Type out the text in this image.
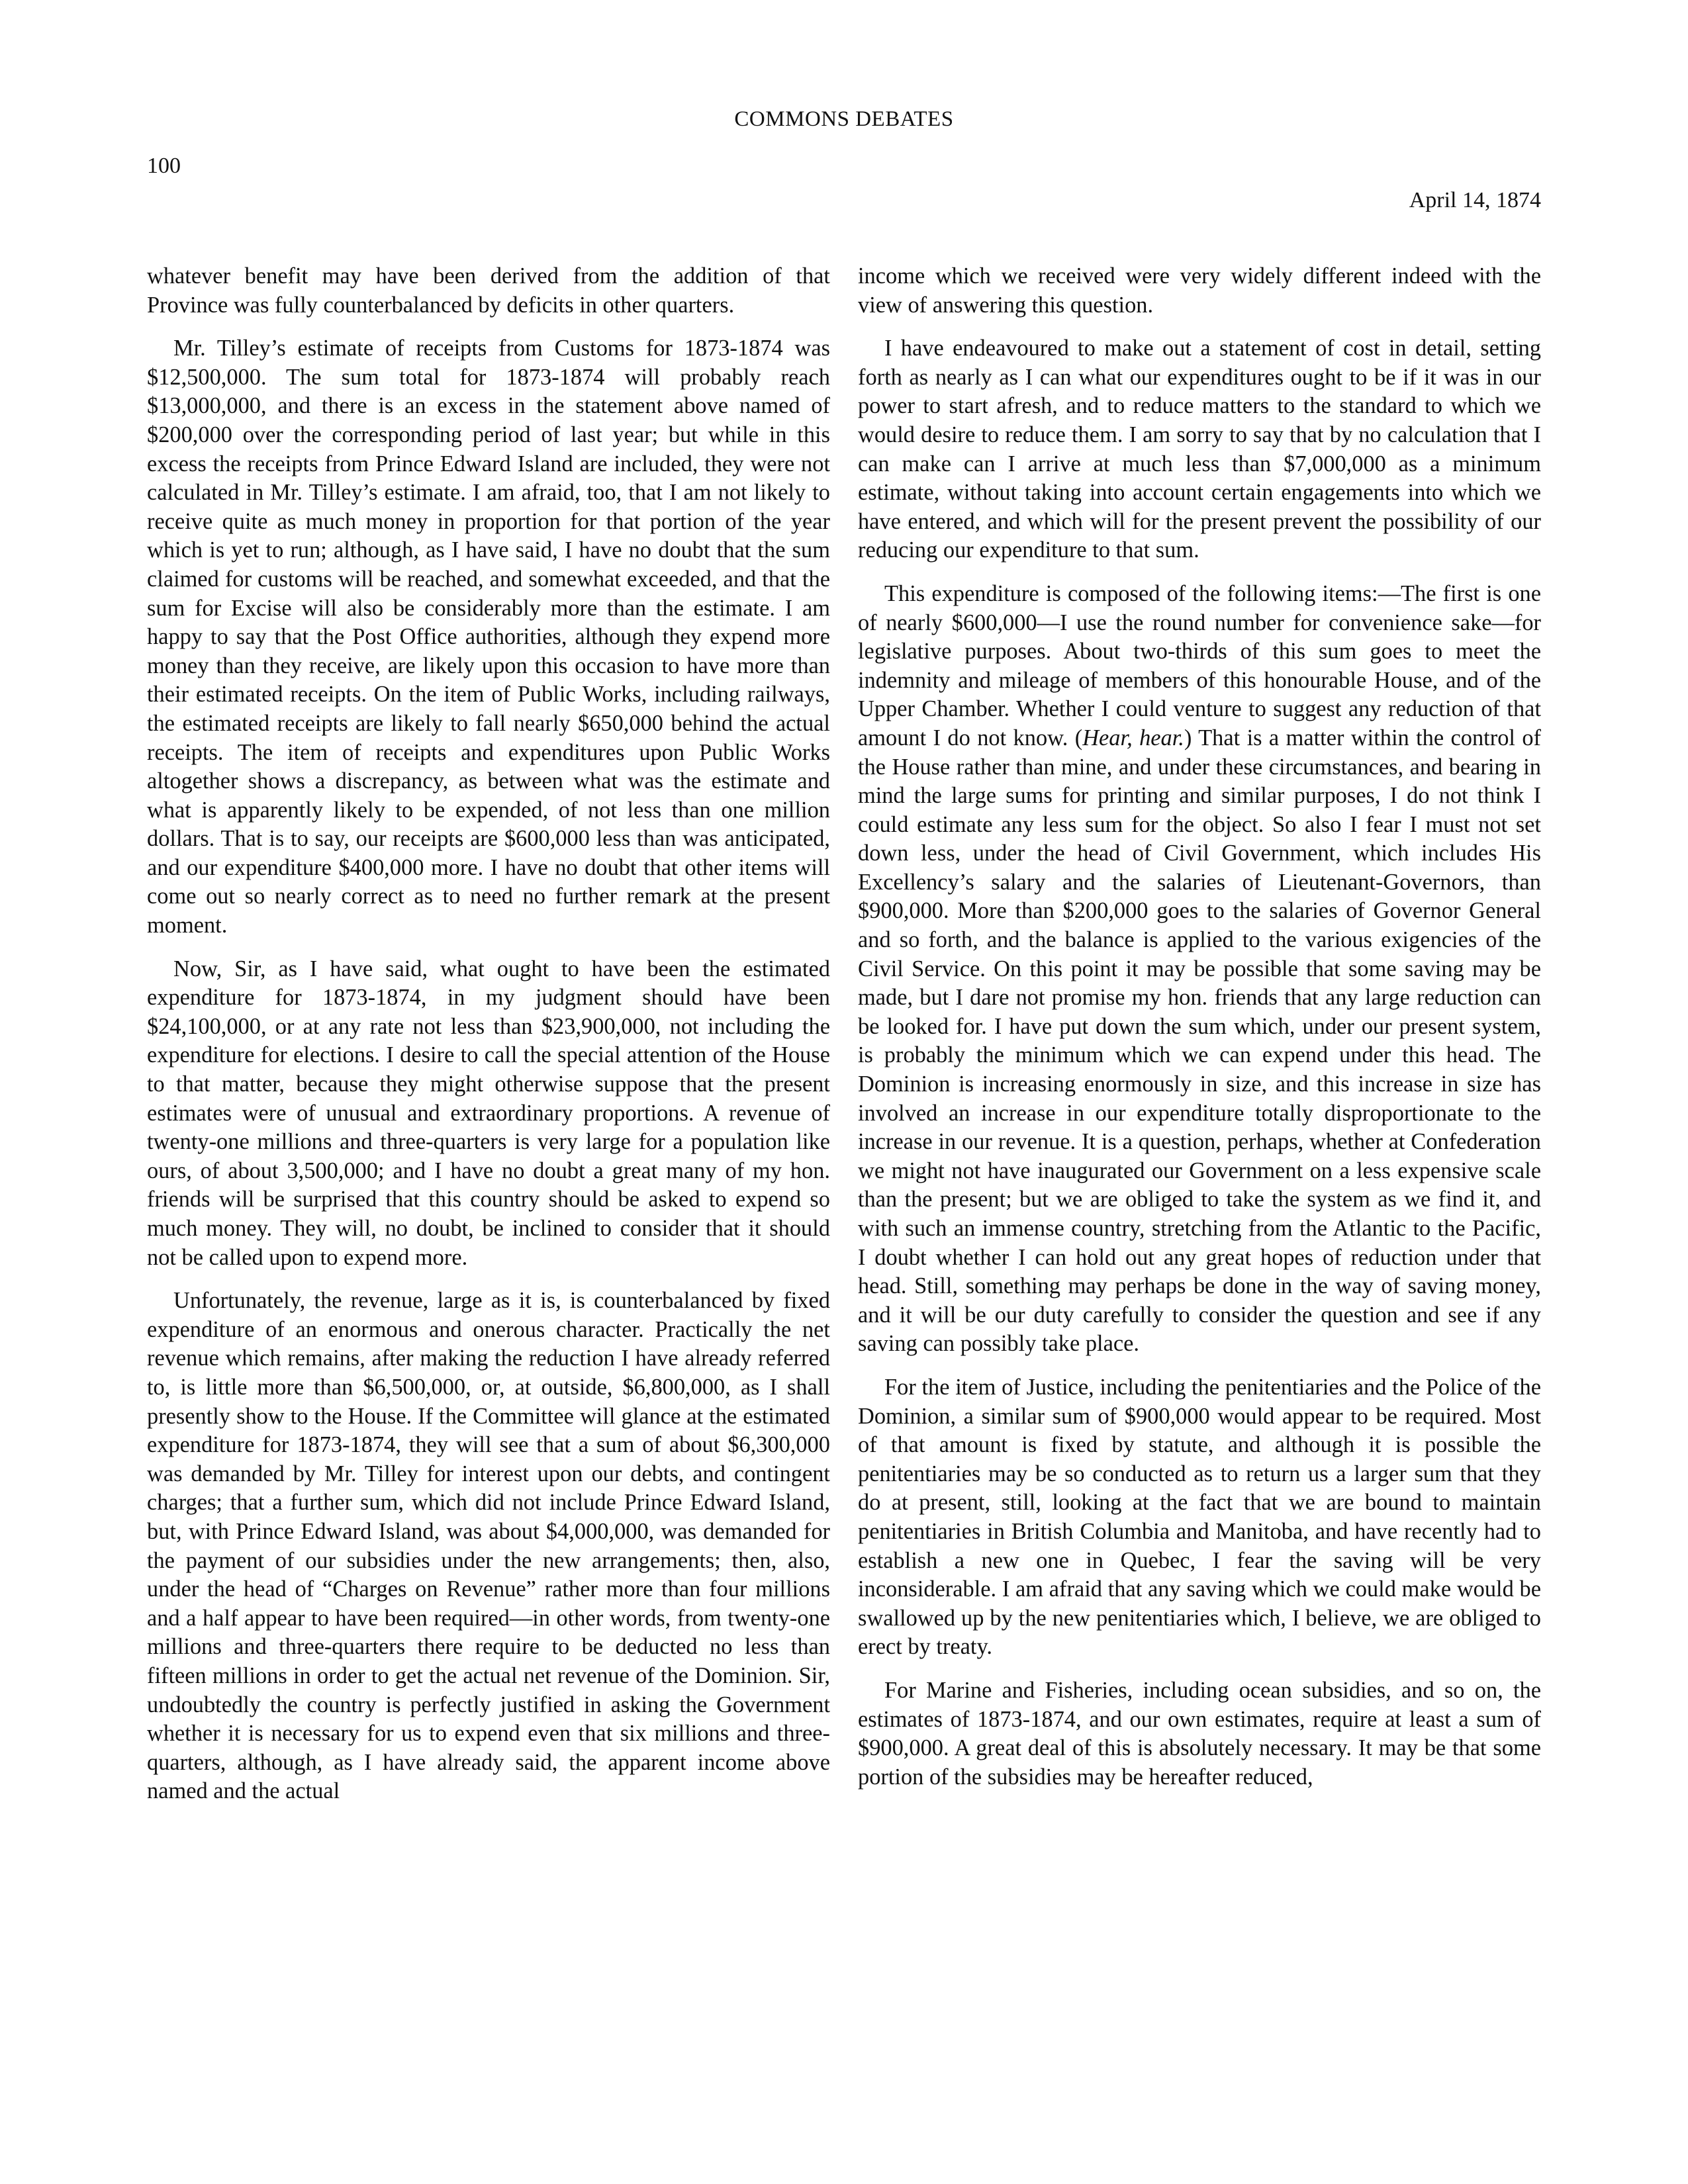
COMMONS DEBATES
100
April 14, 1874

whatever benefit may have been derived from the addition of that Province was fully counterbalanced by deficits in other quarters.

Mr. Tilley’s estimate of receipts from Customs for 1873-1874 was $12,500,000. The sum total for 1873-1874 will probably reach $13,000,000, and there is an excess in the statement above named of $200,000 over the corresponding period of last year; but while in this excess the receipts from Prince Edward Island are included, they were not calculated in Mr. Tilley’s estimate. I am afraid, too, that I am not likely to receive quite as much money in proportion for that portion of the year which is yet to run; although, as I have said, I have no doubt that the sum claimed for customs will be reached, and somewhat exceeded, and that the sum for Excise will also be considerably more than the estimate. I am happy to say that the Post Office authorities, although they expend more money than they receive, are likely upon this occasion to have more than their estimated receipts. On the item of Public Works, including railways, the estimated receipts are likely to fall nearly $650,000 behind the actual receipts. The item of receipts and expenditures upon Public Works altogether shows a discrepancy, as between what was the estimate and what is apparently likely to be expended, of not less than one million dollars. That is to say, our receipts are $600,000 less than was anticipated, and our expenditure $400,000 more. I have no doubt that other items will come out so nearly correct as to need no further remark at the present moment.

Now, Sir, as I have said, what ought to have been the estimated expenditure for 1873-1874, in my judgment should have been $24,100,000, or at any rate not less than $23,900,000, not including the expenditure for elections. I desire to call the special attention of the House to that matter, because they might otherwise suppose that the present estimates were of unusual and extraordinary proportions. A revenue of twenty-one millions and three-quarters is very large for a population like ours, of about 3,500,000; and I have no doubt a great many of my hon. friends will be surprised that this country should be asked to expend so much money. They will, no doubt, be inclined to consider that it should not be called upon to expend more.

Unfortunately, the revenue, large as it is, is counterbalanced by fixed expenditure of an enormous and onerous character. Practically the net revenue which remains, after making the reduction I have already referred to, is little more than $6,500,000, or, at outside, $6,800,000, as I shall presently show to the House. If the Committee will glance at the estimated expenditure for 1873-1874, they will see that a sum of about $6,300,000 was demanded by Mr. Tilley for interest upon our debts, and contingent charges; that a further sum, which did not include Prince Edward Island, but, with Prince Edward Island, was about $4,000,000, was demanded for the payment of our subsidies under the new arrangements; then, also, under the head of “Charges on Revenue” rather more than four millions and a half appear to have been required—in other words, from twenty-one millions and three-quarters there require to be deducted no less than fifteen millions in order to get the actual net revenue of the Dominion. Sir, undoubtedly the country is perfectly justified in asking the Government whether it is necessary for us to expend even that six millions and three-quarters, although, as I have already said, the apparent income above named and the actual

income which we received were very widely different indeed with the view of answering this question.

I have endeavoured to make out a statement of cost in detail, setting forth as nearly as I can what our expenditures ought to be if it was in our power to start afresh, and to reduce matters to the standard to which we would desire to reduce them. I am sorry to say that by no calculation that I can make can I arrive at much less than $7,000,000 as a minimum estimate, without taking into account certain engagements into which we have entered, and which will for the present prevent the possibility of our reducing our expenditure to that sum.

This expenditure is composed of the following items:—The first is one of nearly $600,000—I use the round number for convenience sake—for legislative purposes. About two-thirds of this sum goes to meet the indemnity and mileage of members of this honourable House, and of the Upper Chamber. Whether I could venture to suggest any reduction of that amount I do not know. (Hear, hear.) That is a matter within the control of the House rather than mine, and under these circumstances, and bearing in mind the large sums for printing and similar purposes, I do not think I could estimate any less sum for the object. So also I fear I must not set down less, under the head of Civil Government, which includes His Excellency’s salary and the salaries of Lieutenant-Governors, than $900,000. More than $200,000 goes to the salaries of Governor General and so forth, and the balance is applied to the various exigencies of the Civil Service. On this point it may be possible that some saving may be made, but I dare not promise my hon. friends that any large reduction can be looked for. I have put down the sum which, under our present system, is probably the minimum which we can expend under this head. The Dominion is increasing enormously in size, and this increase in size has involved an increase in our expenditure totally disproportionate to the increase in our revenue. It is a question, perhaps, whether at Confederation we might not have inaugurated our Government on a less expensive scale than the present; but we are obliged to take the system as we find it, and with such an immense country, stretching from the Atlantic to the Pacific, I doubt whether I can hold out any great hopes of reduction under that head. Still, something may perhaps be done in the way of saving money, and it will be our duty carefully to consider the question and see if any saving can possibly take place.

For the item of Justice, including the penitentiaries and the Police of the Dominion, a similar sum of $900,000 would appear to be required. Most of that amount is fixed by statute, and although it is possible the penitentiaries may be so conducted as to return us a larger sum that they do at present, still, looking at the fact that we are bound to maintain penitentiaries in British Columbia and Manitoba, and have recently had to establish a new one in Quebec, I fear the saving will be very inconsiderable. I am afraid that any saving which we could make would be swallowed up by the new penitentiaries which, I believe, we are obliged to erect by treaty.

For Marine and Fisheries, including ocean subsidies, and so on, the estimates of 1873-1874, and our own estimates, require at least a sum of $900,000. A great deal of this is absolutely necessary. It may be that some portion of the subsidies may be hereafter reduced,
